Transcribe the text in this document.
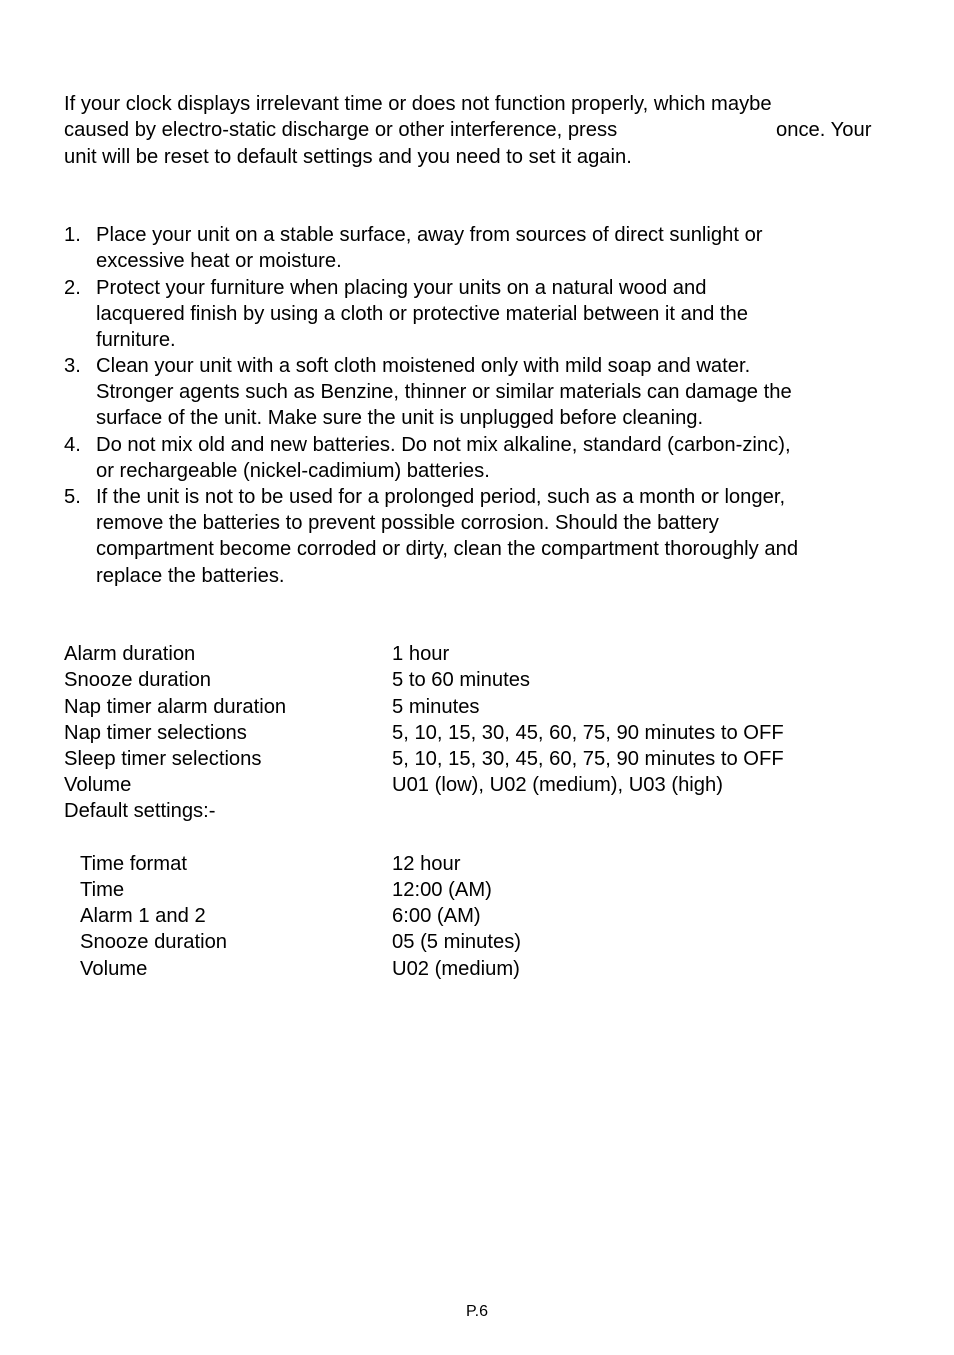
If your clock displays irrelevant time or does not function properly, which maybe
caused by electro-static discharge or other interference, press	once. Your
unit will be reset to default settings and you need to set it again.
1. Place your unit on a stable surface, away from sources of direct sunlight or
excessive heat or moisture.
2. Protect your furniture when placing your units on a natural wood and
lacquered finish by using a cloth or protective material between it and the
furniture.
3. Clean your unit with a soft cloth moistened only with mild soap and water.
Stronger agents such as Benzine, thinner or similar materials can damage the
surface of the unit. Make sure the unit is unplugged before cleaning.
4. Do not mix old and new batteries. Do not mix alkaline, standard (carbon-zinc),
or rechargeable (nickel-cadimium) batteries.
5. If the unit is not to be used for a prolonged period, such as a month or longer,
remove the batteries to prevent possible corrosion. Should the battery
compartment become corroded or dirty, clean the compartment thoroughly and
replace the batteries.
Alarm duration	1 hour
Snooze duration	5 to 60 minutes
Nap timer alarm duration	5 minutes
Nap timer selections	5, 10, 15, 30, 45, 60, 75, 90 minutes to OFF
Sleep timer selections	5, 10, 15, 30, 45, 60, 75, 90 minutes to OFF
Volume	U01 (low), U02 (medium), U03 (high)
Default settings:-
Time format	12 hour
Time	12:00 (AM)
Alarm 1 and 2	6:00 (AM)
Snooze duration	05 (5 minutes)
Volume	U02 (medium)
P.6
